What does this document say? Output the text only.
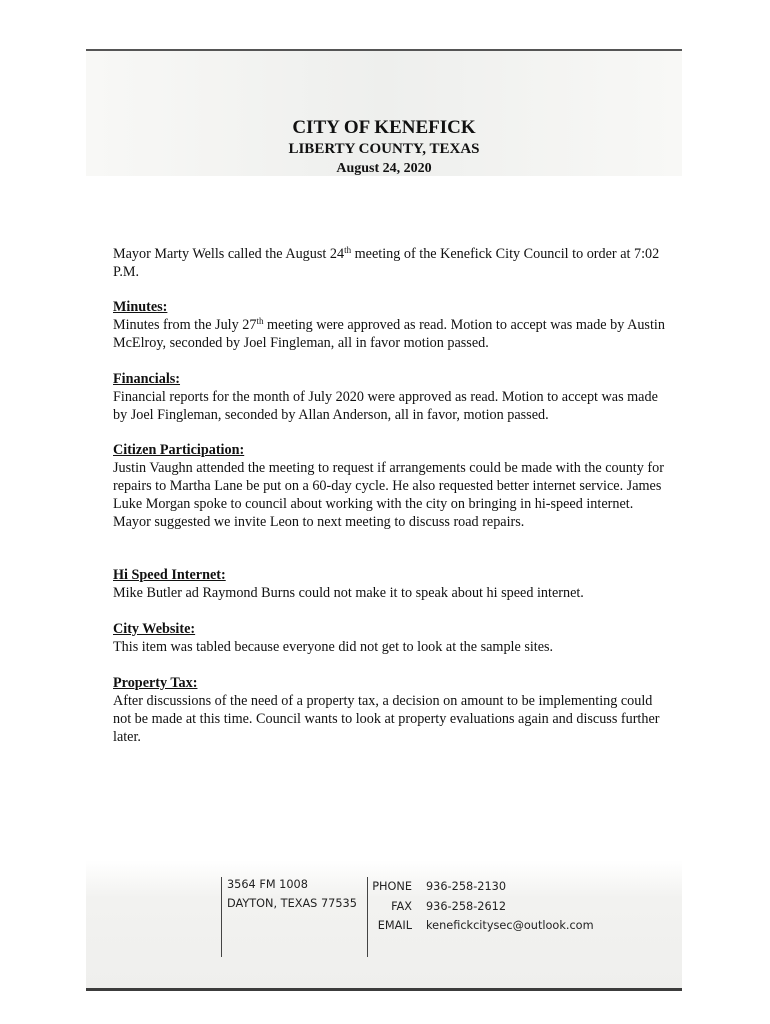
CITY OF KENEFICK
LIBERTY COUNTY, TEXAS
August 24, 2020

Mayor Marty Wells called the August 24th meeting of the Kenefick City Council to order at 7:02 P.M.

Minutes:

Minutes from the July 27th meeting were approved as read. Motion to accept was made by Austin McElroy, seconded by Joel Fingleman, all in favor motion passed.

Financials:

Financial reports for the month of July 2020 were approved as read. Motion to accept was made by Joel Fingleman, seconded by Allan Anderson, all in favor, motion passed.

Citizen Participation:

Justin Vaughn attended the meeting to request if arrangements could be made with the county for repairs to Martha Lane be put on a 60-day cycle. He also requested better internet service. James Luke Morgan spoke to council about working with the city on bringing in hi-speed internet. Mayor suggested we invite Leon to next meeting to discuss road repairs.

Hi Speed Internet:

Mike Butler ad Raymond Burns could not make it to speak about hi speed internet.

City Website:

This item was tabled because everyone did not get to look at the sample sites.

Property Tax:

After discussions of the need of a property tax, a decision on amount to be implementing could not be made at this time. Council wants to look at property evaluations again and discuss further later.

3564 FM 1008
DAYTON, TEXAS 77535
PHONE 936-258-2130
FAX 936-258-2612
EMAIL kenefickcitysec@outlook.com
